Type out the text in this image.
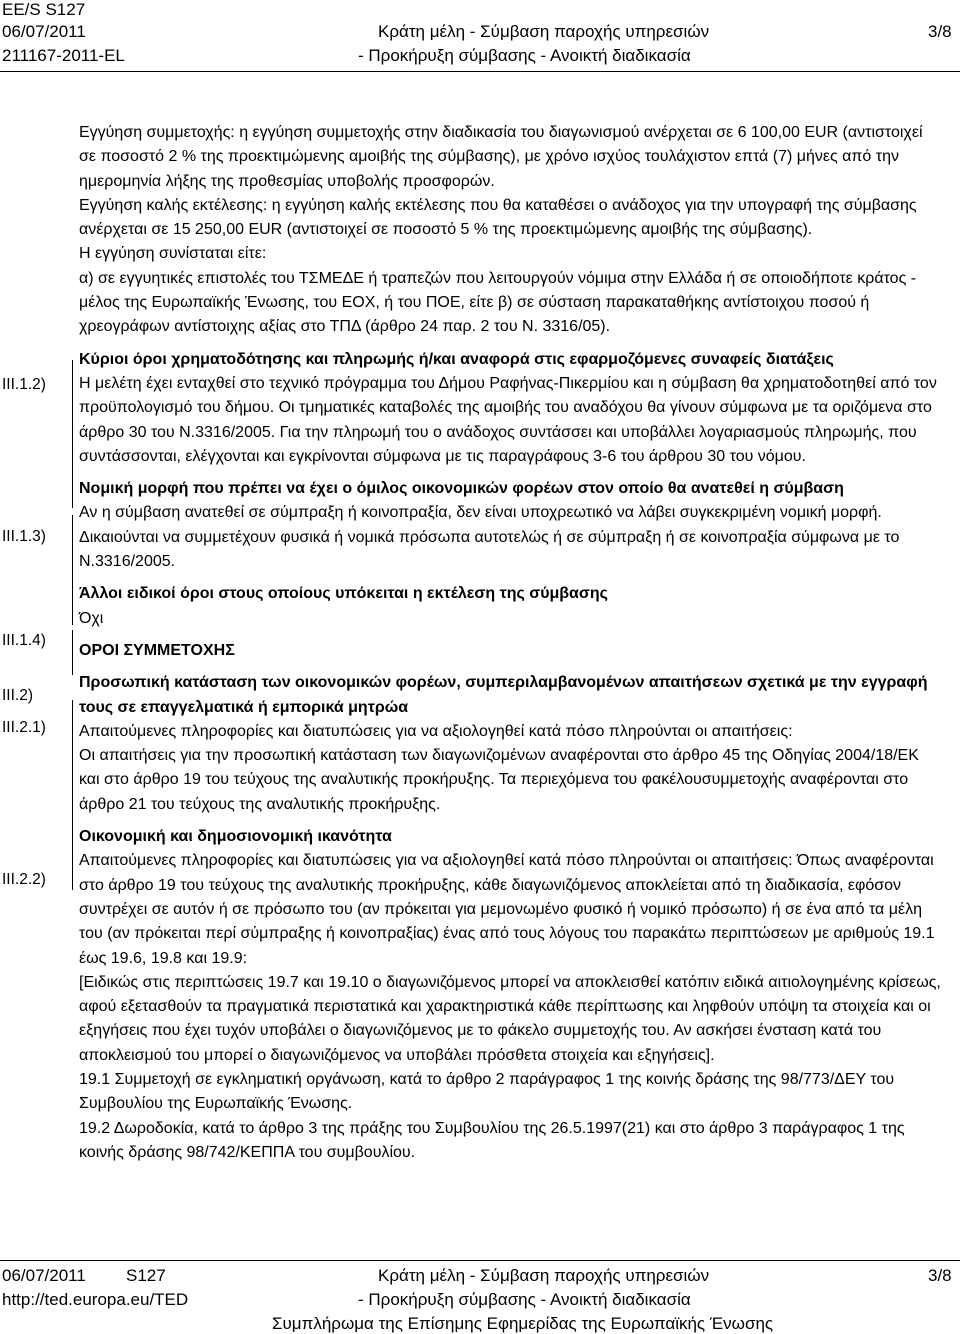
EE/S S127
06/07/2011
211167-2011-EL
Κράτη μέλη - Σύμβαση παροχής υπηρεσιών
- Προκήρυξη σύμβασης - Ανοικτή διαδικασία
3/8
III.1.2)
III.1.3)
III.1.4)
III.2)
III.2.1)
III.2.2)

Εγγύηση συμμετοχής: η εγγύηση συμμετοχής στην διαδικασία του διαγωνισμού ανέρχεται σε 6 100,00 EUR (αντιστοιχεί σε ποσοστό 2 % της προεκτιμώμενης αμοιβής της σύμβασης), με χρόνο ισχύος τουλάχιστον επτά (7) μήνες από την ημερομηνία λήξης της προθεσμίας υποβολής προσφορών.

Εγγύηση καλής εκτέλεσης: η εγγύηση καλής εκτέλεσης που θα καταθέσει ο ανάδοχος για την υπογραφή της σύμβασης ανέρχεται σε 15 250,00 EUR (αντιστοιχεί σε ποσοστό 5 % της προεκτιμώμενης αμοιβής της σύμβασης).

Η εγγύηση συνίσταται είτε:

α) σε εγγυητικές επιστολές του ΤΣΜΕΔΕ ή τραπεζών που λειτουργούν νόμιμα στην Ελλάδα ή σε οποιοδήποτε κράτος - μέλος της Ευρωπαϊκής Ένωσης, του ΕΟΧ, ή του ΠΟΕ, είτε β) σε σύσταση παρακαταθήκης αντίστοιχου ποσού ή χρεογράφων αντίστοιχης αξίας στο ΤΠΔ (άρθρο 24 παρ. 2 του Ν. 3316/05).

Κύριοι όροι χρηματοδότησης και πληρωμής ή/και αναφορά στις εφαρμοζόμενες συναφείς διατάξεις

Η μελέτη έχει ενταχθεί στο τεχνικό πρόγραμμα του Δήμου Ραφήνας-Πικερμίου και η σύμβαση θα χρηματοδοτηθεί από τον προϋπολογισμό του δήμου. Οι τμηματικές καταβολές της αμοιβής του αναδόχου θα γίνουν σύμφωνα με τα οριζόμενα στο άρθρο 30 του Ν.3316/2005. Για την πληρωμή του ο ανάδοχος συντάσσει και υποβάλλει λογαριασμούς πληρωμής, που συντάσσονται, ελέγχονται και εγκρίνονται σύμφωνα με τις παραγράφους 3-6 του άρθρου 30 του νόμου.

Νομική μορφή που πρέπει να έχει ο όμιλος οικονομικών φορέων στον οποίο θα ανατεθεί η σύμβαση

Αν η σύμβαση ανατεθεί σε σύμπραξη ή κοινοπραξία, δεν είναι υποχρεωτικό να λάβει συγκεκριμένη νομική μορφή. Δικαιούνται να συμμετέχουν φυσικά ή νομικά πρόσωπα αυτοτελώς ή σε σύμπραξη ή σε κοινοπραξία σύμφωνα με το Ν.3316/2005.

Άλλοι ειδικοί όροι στους οποίους υπόκειται η εκτέλεση της σύμβασης

Όχι

ΟΡΟΙ ΣΥΜΜΕΤΟΧΗΣ

Προσωπική κατάσταση των οικονομικών φορέων, συμπεριλαμβανομένων απαιτήσεων σχετικά με την εγγραφή τους σε επαγγελματικά ή εμπορικά μητρώα

Απαιτούμενες πληροφορίες και διατυπώσεις για να αξιολογηθεί κατά πόσο πληρούνται οι απαιτήσεις:

Οι απαιτήσεις για την προσωπική κατάσταση των διαγωνιζομένων αναφέρονται στο άρθρο 45 της Οδηγίας 2004/18/ΕΚ και στο άρθρο 19 του τεύχους της αναλυτικής προκήρυξης. Τα περιεχόμενα του φακέλουσυμμετοχής αναφέρονται στο άρθρο 21 του τεύχους της αναλυτικής προκήρυξης.

Οικονομική και δημοσιονομική ικανότητα

Απαιτούμενες πληροφορίες και διατυπώσεις για να αξιολογηθεί κατά πόσο πληρούνται οι απαιτήσεις: Όπως αναφέρονται στο άρθρο 19 του τεύχους της αναλυτικής προκήρυξης, κάθε διαγωνιζόμενος αποκλείεται από τη διαδικασία, εφόσον συντρέχει σε αυτόν ή σε πρόσωπο του (αν πρόκειται για μεμονωμένο φυσικό ή νομικό πρόσωπο) ή σε ένα από τα μέλη του (αν πρόκειται περί σύμπραξης ή κοινοπραξίας) ένας από τους λόγους του παρακάτω περιπτώσεων με αριθμούς 19.1 έως 19.6, 19.8 και 19.9:

[Ειδικώς στις περιπτώσεις 19.7 και 19.10 ο διαγωνιζόμενος μπορεί να αποκλεισθεί κατόπιν ειδικά αιτιολογημένης κρίσεως, αφού εξετασθούν τα πραγματικά περιστατικά και χαρακτηριστικά κάθε περίπτωσης και ληφθούν υπόψη τα στοιχεία και οι εξηγήσεις που έχει τυχόν υποβάλει ο διαγωνιζόμενος με το φάκελο συμμετοχής του. Αν ασκήσει ένσταση κατά του αποκλεισμού του μπορεί ο διαγωνιζόμενος να υποβάλει πρόσθετα στοιχεία και εξηγήσεις].

19.1 Συμμετοχή σε εγκληματική οργάνωση, κατά το άρθρο 2 παράγραφος 1 της κοινής δράσης της 98/773/ΔΕΥ του Συμβουλίου της Ευρωπαϊκής Ένωσης.

19.2 Δωροδοκία, κατά το άρθρο 3 της πράξης του Συμβουλίου της 26.5.1997(21) και στο άρθρο 3 παράγραφος 1 της κοινής δράσης 98/742/ΚΕΠΠΑ του συμβουλίου.

06/07/2011 S127
http://ted.europa.eu/TED
Κράτη μέλη - Σύμβαση παροχής υπηρεσιών
- Προκήρυξη σύμβασης - Ανοικτή διαδικασία
Συμπλήρωμα της Επίσημης Εφημερίδας της Ευρωπαϊκής Ένωσης
3/8
